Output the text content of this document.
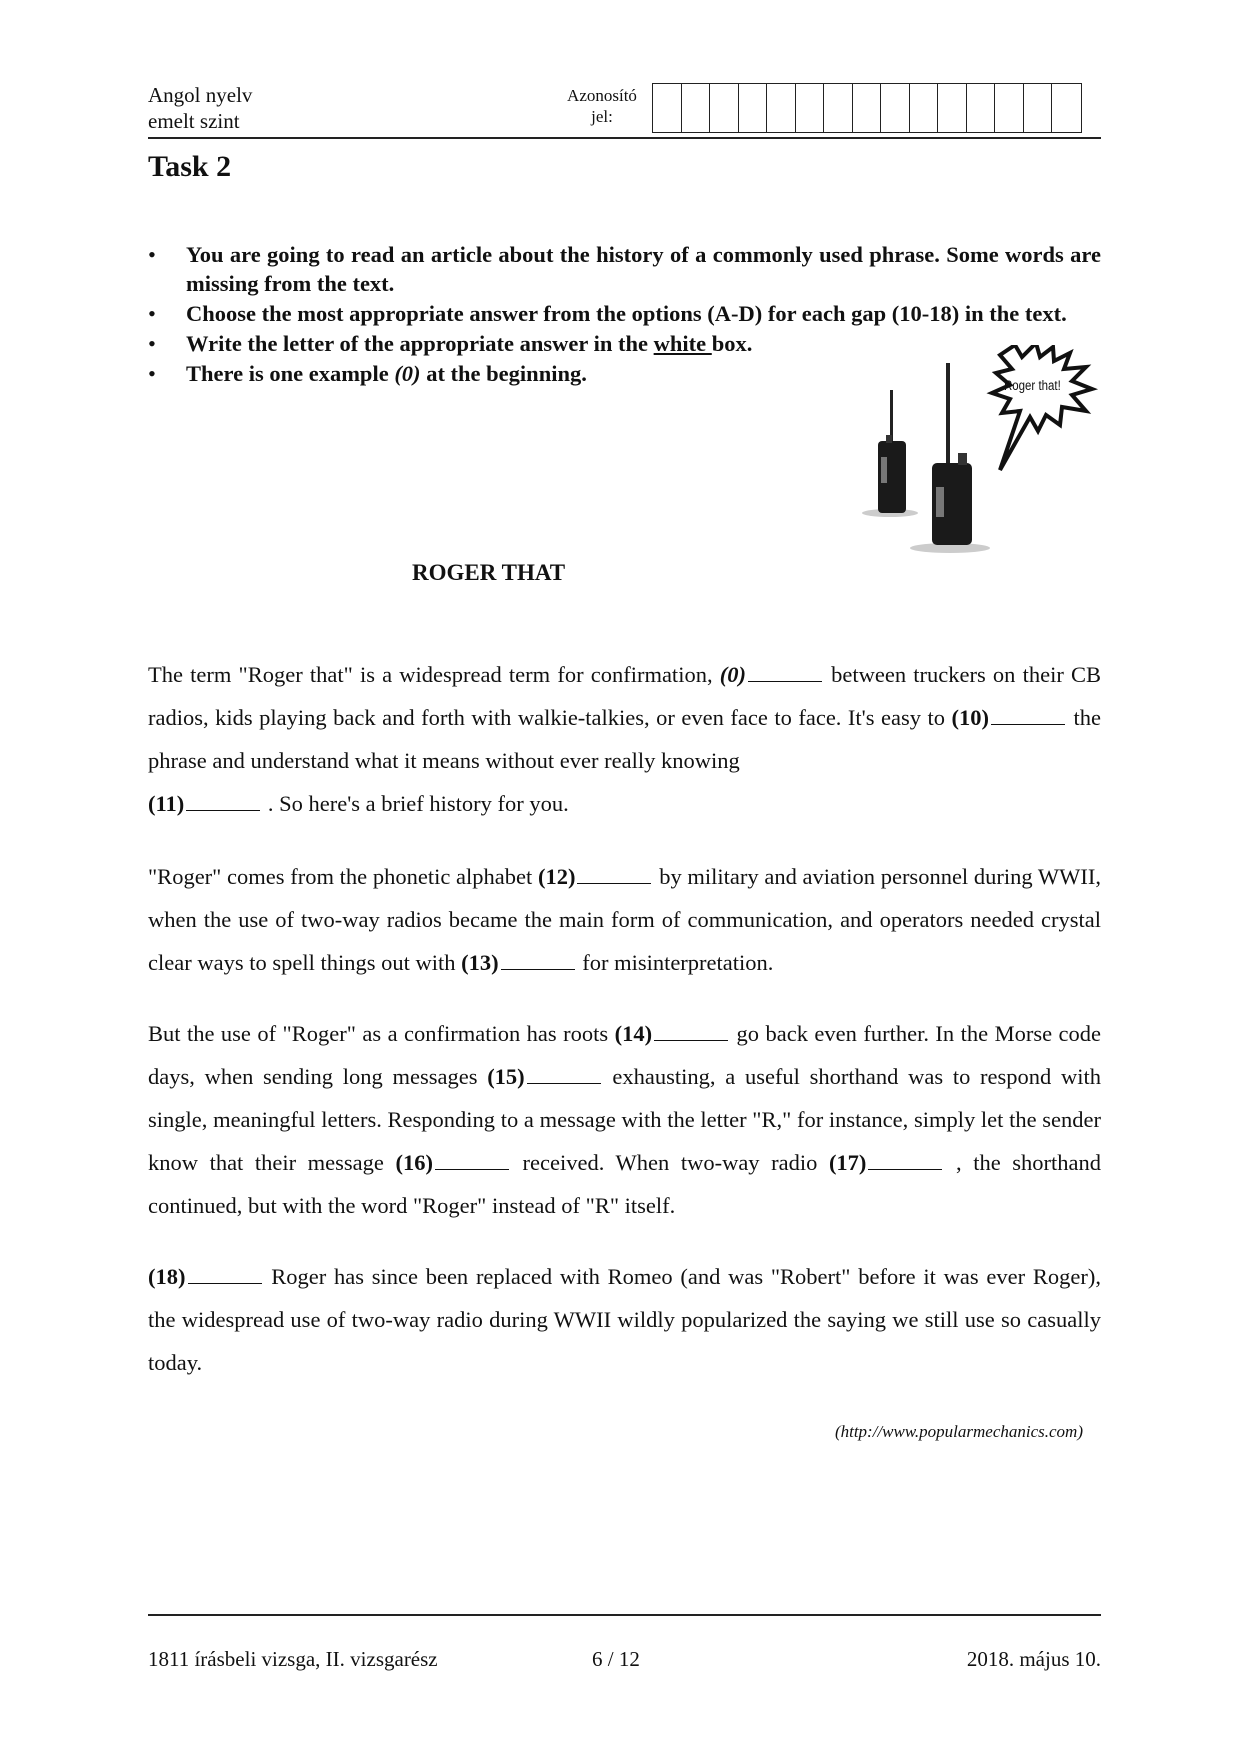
Angol nyelv
emelt szint
Azonosító
jel:
Task 2
• You are going to read an article about the history of a commonly used phrase. Some words are missing from the text.
• Choose the most appropriate answer from the options (A-D) for each gap (10-18) in the text.
• Write the letter of the appropriate answer in the white box.
• There is one example (0) at the beginning.	Roger that!
ROGER THAT
The term "Roger that" is a widespread term for confirmation, (0)	between truckers on their CB radios, kids playing back and forth with walkie-talkies, or even face to face. It's easy to (10)	the phrase and understand what it means without ever really knowing
(11)	. So here's a brief history for you.
"Roger" comes from the phonetic alphabet (12)	by military and aviation personnel during WWII, when the use of two-way radios became the main form of communication, and operators needed crystal clear ways to spell things out with (13)	for misinterpretation.
But the use of "Roger" as a confirmation has roots (14)	go back even further. In the Morse code days, when sending long messages (15)	exhausting, a useful shorthand was to respond with single, meaningful letters. Responding to a message with the letter "R," for instance, simply let the sender know that their message (16)	received. When two-way radio (17)	, the shorthand continued, but with the word "Roger" instead of "R" itself.
(18)	Roger has since been replaced with Romeo (and was "Robert" before it was ever Roger), the widespread use of two-way radio during WWII wildly popularized the saying we still use so casually today.
(http://www.popularmechanics.com)
1811 írásbeli vizsga, II. vizsgarész	6 / 12	2018. május 10.
